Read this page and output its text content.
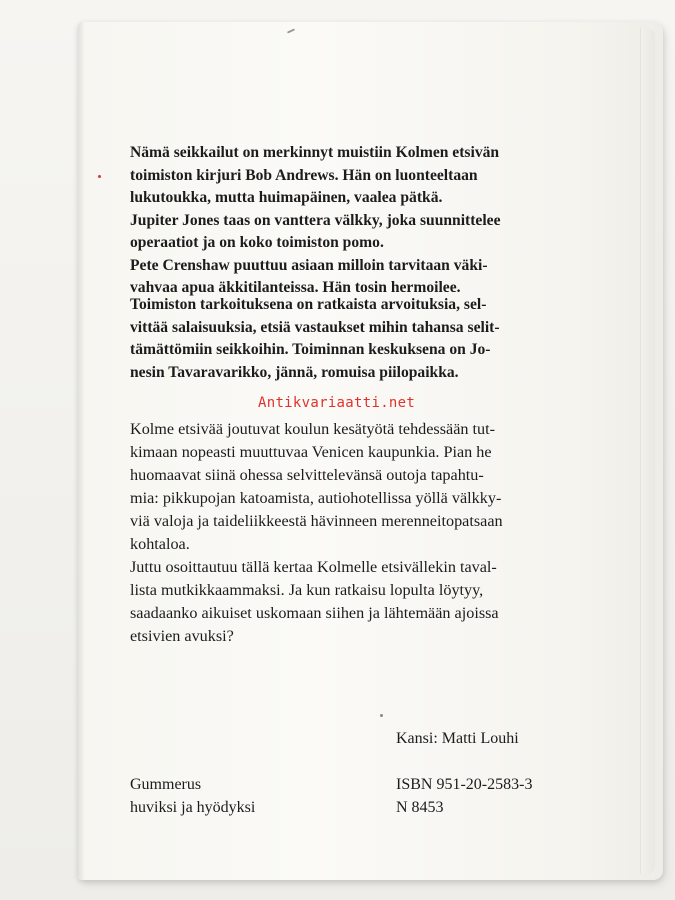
Nämä seikkailut on merkinnyt muistiin Kolmen etsivän
toimiston kirjuri Bob Andrews. Hän on luonteeltaan
lukutoukka, mutta huimapäinen, vaalea pätkä.
Jupiter Jones taas on vanttera välkky, joka suunnittelee
operaatiot ja on koko toimiston pomo.
Pete Crenshaw puuttuu asiaan milloin tarvitaan väki-
vahvaa apua äkkitilanteissa. Hän tosin hermoilee.
Toimiston tarkoituksena on ratkaista arvoituksia, sel-
vittää salaisuuksia, etsiä vastaukset mihin tahansa selit-
tämättömiin seikkoihin. Toiminnan keskuksena on Jo-
nesin Tavaravarikko, jännä, romuisa piilopaikka.
Antikvariaatti.net
Kolme etsivää joutuvat koulun kesätyötä tehdessään tut-
kimaan nopeasti muuttuvaa Venicen kaupunkia. Pian he
huomaavat siinä ohessa selvittelevänsä outoja tapahtu-
mia: pikkupojan katoamista, autiohotellissa yöllä välkky-
viä valoja ja taideliikkeestä hävinneen merenneitopatsaan
kohtaloa.
Juttu osoittautuu tällä kertaa Kolmelle etsivällekin taval-
lista mutkikkaammaksi. Ja kun ratkaisu lopulta löytyy,
saadaanko aikuiset uskomaan siihen ja lähtemään ajoissa
etsivien avuksi?
Kansi: Matti Louhi
Gummerus
huviksi ja hyödyksi
ISBN 951-20-2583-3
N 8453
